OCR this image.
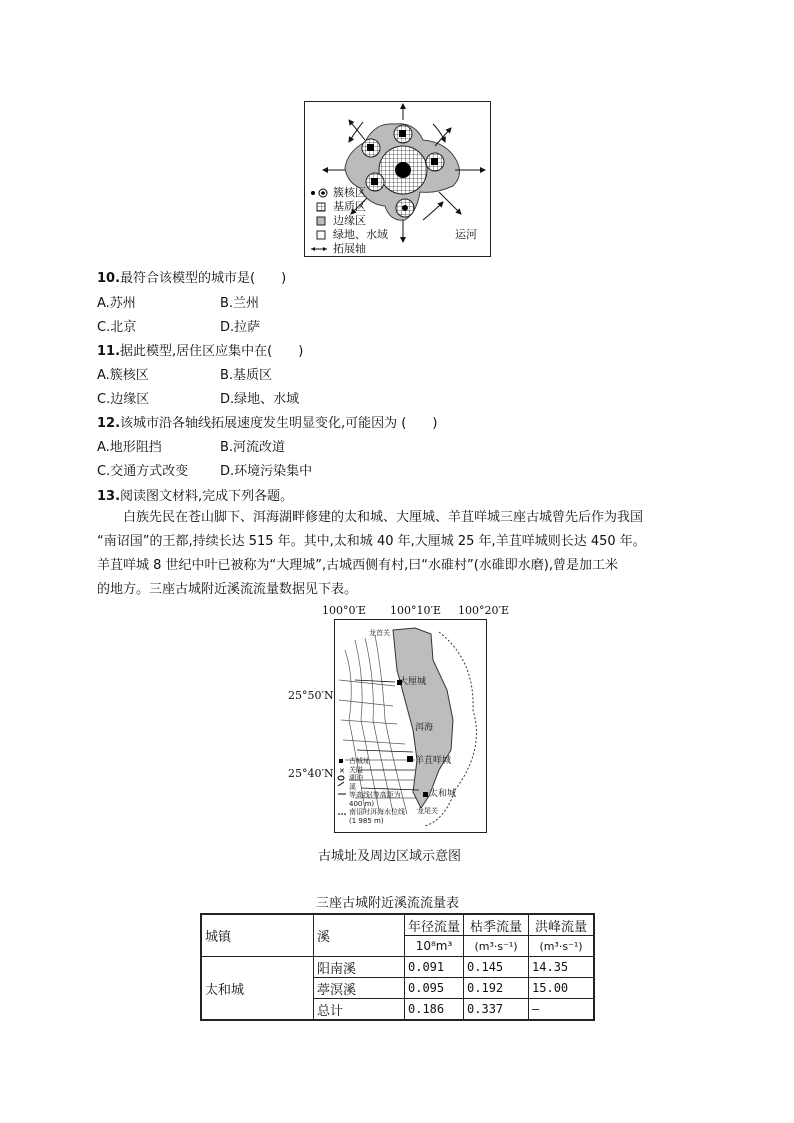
簇核区
基质区
边缘区
绿地、水域
拓展轴
运河
10.最符合该模型的城市是(　　)
A.苏州	B.兰州
C.北京	D.拉萨
11.据此模型,居住区应集中在(　　)
A.簇核区	B.基质区
C.边缘区	D.绿地、水域
12.该城市沿各轴线拓展速度发生明显变化,可能因为 (　　)
A.地形阻挡	B.河流改道
C.交通方式改变 D.环境污染集中
13.阅读图文材料,完成下列各题。
白族先民在苍山脚下、洱海湖畔修建的太和城、大厘城、羊苴咩城三座古城曾先后作为我国
“南诏国”的王都,持续长达 515 年。其中,太和城 40 年,大厘城 25 年,羊苴咩城则长达 450 年。
羊苴咩城 8 世纪中叶已被称为“大理城”,古城西侧有村,曰“水碓村”(水碓即水磨),曾是加工米
的地方。三座古城附近溪流流量数据见下表。
100°0′E 100°10′E 100°20′E
25°50′N
25°40′N ✕
大厘城
洱海
羊苴咩城
太和城
龙首关
龙尾关
古城址
关隘
湖泊
溪
等高线(等高距为400 m)
南诏时洱海水位线(1 985 m)
古城址及周边区域示意图
三座古城附近溪流流量表
城镇	溪	年径流量	枯季流量	洪峰流量
		10⁸m³	(m³·s⁻¹)	(m³·s⁻¹)
太和城	阳南溪	0.091	0.145	14.35
	葶溟溪	0.095	0.192	15.00
	总计	0.186	0.337	—
